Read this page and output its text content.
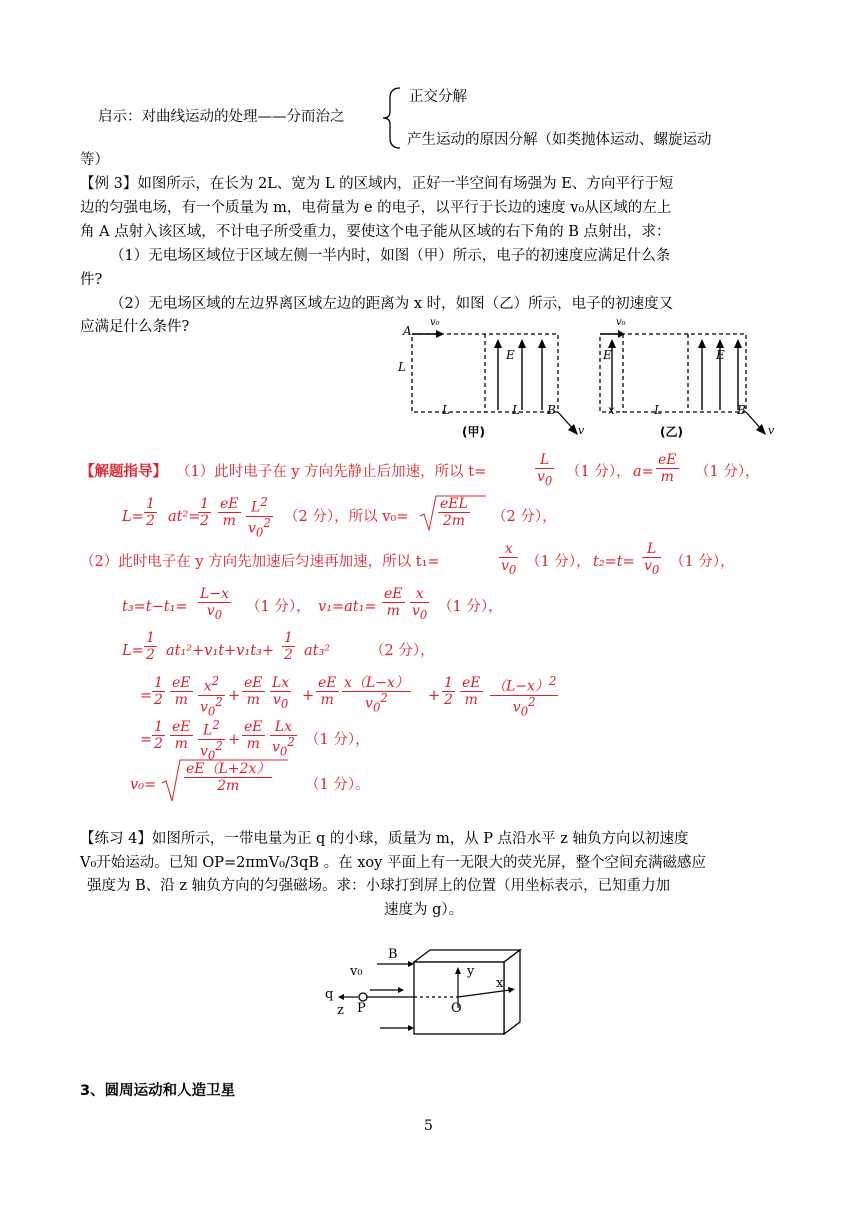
启示：对曲线运动的处理——分而治之
正交分解
产生运动的原因分解（如类抛体运动、螺旋运动
等）
【例 3】如图所示，在长为 2L、宽为 L 的区域内，正好一半空间有场强为 E、方向平行于短
边的匀强电场，有一个质量为 m，电荷量为 e 的电子，以平行于长边的速度 v₀从区域的左上
角 A 点射入该区域，不计电子所受重力，要使这个电子能从区域的右下角的 B 点射出，求：
（1）无电场区域位于区域左侧一半内时，如图（甲）所示，电子的初速度应满足什么条
件?
（2）无电场区域的左边界离区域左边的距离为 x 时，如图（乙）所示，电子的初速度又
应满足什么条件?	A
v₀
L
E
L	L B
v
(甲)
v₀
E	E
x	L	B
v
(乙)
【解题指导】 （1）此时电子在 y 方向先静止后加速，所以 t=	$\frac{L}{v_0} (1$ 分）， $a= \frac{eE}{m} (1$ 分），
$L= \frac{1}{2} at^2=$
$\frac{1}{2} \frac{eE}{m} \frac{L^2}{v_0^2} (2$ 分），所以 v₀=
eEL
2m	（2 分），
（2）此时电子在 y 方向先加速后匀速再加速，所以 t₁=	$\frac{x}{v_0} (1$ 分）， $t_2=t= \frac{L}{v_0} (1$ 分），
$t_3=t-t_1= \frac{L-x}{v_0} (1$ 分）， $v_1=at_1= \frac{eE}{m} \frac{x}{v_0} (1$ 分），
$L= \frac{1}{2} at_1^2+v_1t+v_1t_3+ \frac{1}{2} at_3^2$	（2 分），
= $\frac{1}{2} \frac{eE}{m} \frac{x^2}{v_0^2} + \frac{eE}{m} \frac{Lx}{v_0} + \frac{eE}{m} \frac{x(L-x)}{v_0^2} + \frac{1}{2} \frac{eE}{m} \frac{(L-x)^2}{v_0^2}$
= $\frac{1}{2} \frac{eE}{m} \frac{L^2}{v_0^2} + \frac{eE}{m} \frac{Lx}{v_0^2} (1$ 分），
$v_0= \frac{eE(L+2x)}{2m} (1$ 分）。
【练习 4】如图所示，一带电量为正 q 的小球，质量为 m，从 P 点沿水平 z 轴负方向以初速度
V₀开始运动。已知 OP=2πmV₀/3qB 。在 xoy 平面上有一无限大的荧光屏，整个空间充满磁感应
强度为 B、沿 z 轴负方向的匀强磁场。求：小球打到屏上的位置（用坐标表示，已知重力加
速度为 g）。
B
v₀
q
z P	O
y
x
3、圆周运动和人造卫星
5
